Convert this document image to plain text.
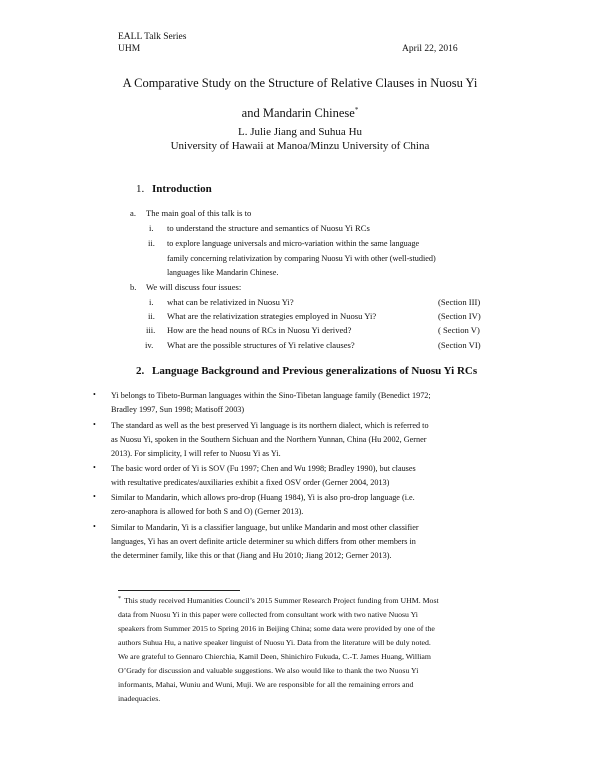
EALL Talk Series
UHM	April 22, 2016
A Comparative Study on the Structure of Relative Clauses in Nuosu Yi
and Mandarin Chinese*
L. Julie Jiang and Suhua Hu
University of Hawaii at Manoa/Minzu University of China
1. Introduction
a. The main goal of this talk is to
i. to understand the structure and semantics of Nuosu Yi RCs
ii. to explore language universals and micro-variation within the same language
family concerning relativization by comparing Nuosu Yi with other (well-studied)
languages like Mandarin Chinese.
b. We will discuss four issues:
i. what can be relativized in Nuosu Yi?	(Section III)
ii. What are the relativization strategies employed in Nuosu Yi?	(Section IV)
iii. How are the head nouns of RCs in Nuosu Yi derived?	( Section V)
iv. What are the possible structures of Yi relative clauses?	(Section VI)
2. Language Background and Previous generalizations of Nuosu Yi RCs
• Yi belongs to Tibeto-Burman languages within the Sino-Tibetan language family (Benedict 1972;
Bradley 1997, Sun 1998; Matisoff 2003)
• The standard as well as the best preserved Yi language is its northern dialect, which is referred to
as Nuosu Yi, spoken in the Southern Sichuan and the Northern Yunnan, China (Hu 2002, Gerner
2013). For simplicity, I will refer to Nuosu Yi as Yi.
• The basic word order of Yi is SOV (Fu 1997; Chen and Wu 1998; Bradley 1990), but clauses
with resultative predicates/auxiliaries exhibit a fixed OSV order (Gerner 2004, 2013)
• Similar to Mandarin, which allows pro-drop (Huang 1984), Yi is also pro-drop language (i.e.
zero-anaphora is allowed for both S and O) (Gerner 2013).
• Similar to Mandarin, Yi is a classifier language, but unlike Mandarin and most other classifier
languages, Yi has an overt definite article determiner su which differs from other members in
the determiner family, like this or that (Jiang and Hu 2010; Jiang 2012; Gerner 2013).
* This study received Humanities Council’s 2015 Summer Research Project funding from UHM. Most
data from Nuosu Yi in this paper were collected from consultant work with two native Nuosu Yi
speakers from Summer 2015 to Spring 2016 in Beijing China; some data were provided by one of the
authors Suhua Hu, a native speaker linguist of Nuosu Yi. Data from the literature will be duly noted.
We are grateful to Gennaro Chierchia, Kamil Deen, Shinichiro Fukuda, C.-T. James Huang, William
O’Grady for discussion and valuable suggestions. We also would like to thank the two Nuosu Yi
informants, Mahai, Wuniu and Wuni, Muji. We are responsible for all the remaining errors and
inadequacies.
